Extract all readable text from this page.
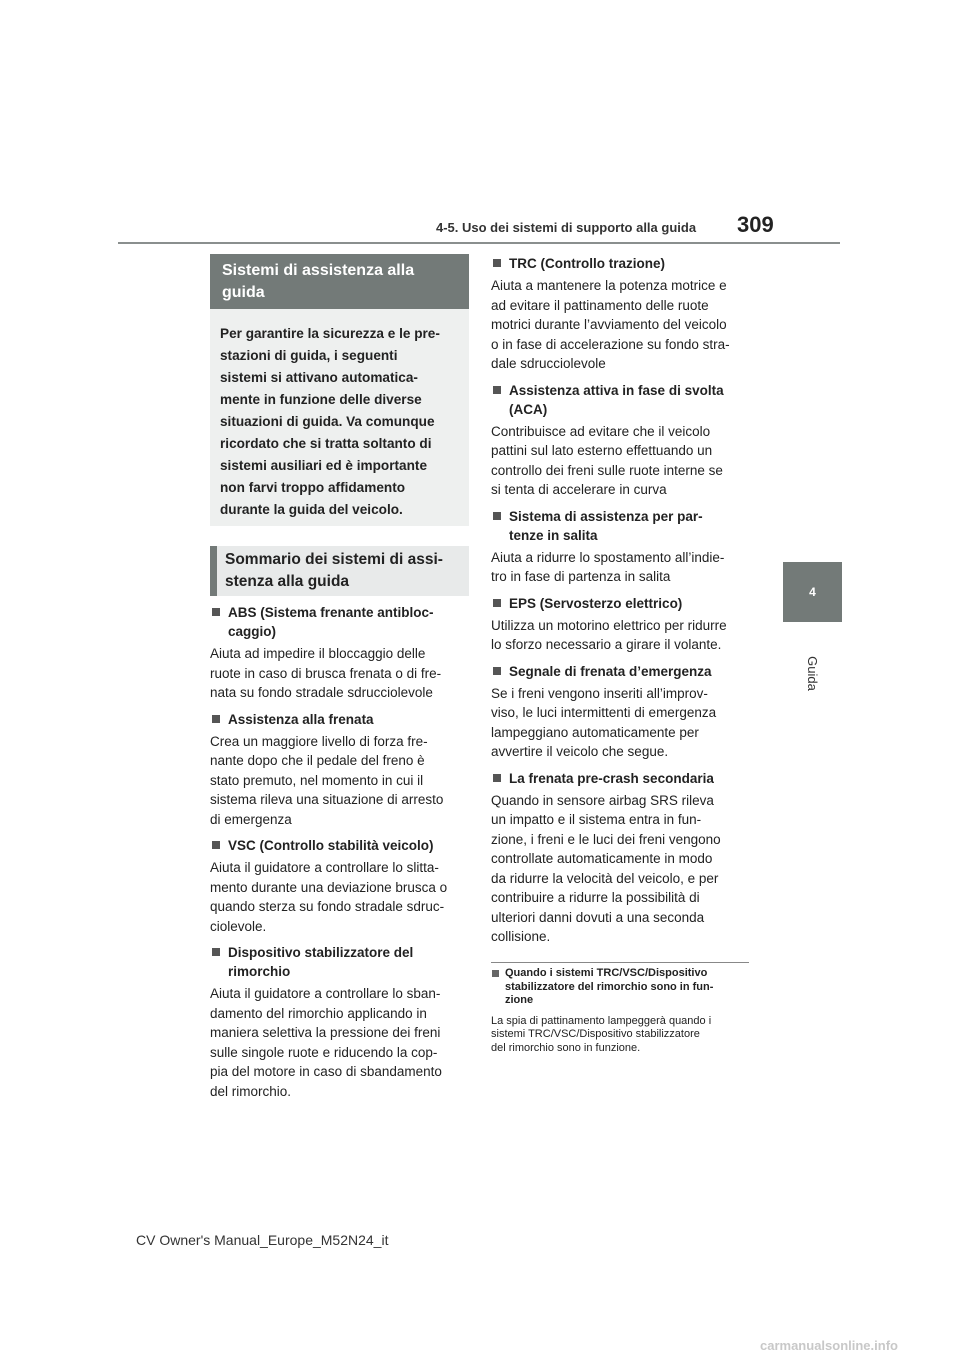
4-5. Uso dei sistemi di supporto alla guida 309
4
Guida
Sistemi di assistenza alla
guida

Per garantire la sicurezza e le pre-

stazioni di guida, i seguenti

sistemi si attivano automatica-

mente in funzione delle diverse

situazioni di guida. Va comunque

ricordato che si tratta soltanto di

sistemi ausiliari ed è importante

non farvi troppo affidamento

durante la guida del veicolo.

Sommario dei sistemi di assi-
stenza alla guida
ABS (Sistema frenante antibloc-
caggio)
Aiuta ad impedire il bloccaggio delle
ruote in caso di brusca frenata o di fre-
nata su fondo stradale sdrucciolevole
Assistenza alla frenata
Crea un maggiore livello di forza fre-
nante dopo che il pedale del freno è
stato premuto, nel momento in cui il
sistema rileva una situazione di arresto
di emergenza
VSC (Controllo stabilità veicolo)
Aiuta il guidatore a controllare lo slitta-
mento durante una deviazione brusca o
quando sterza su fondo stradale sdruc-
ciolevole.
Dispositivo stabilizzatore del
rimorchio
Aiuta il guidatore a controllare lo sban-
damento del rimorchio applicando in
maniera selettiva la pressione dei freni
sulle singole ruote e riducendo la cop-
pia del motore in caso di sbandamento
del rimorchio.
TRC (Controllo trazione)
Aiuta a mantenere la potenza motrice e
ad evitare il pattinamento delle ruote
motrici durante l’avviamento del veicolo
o in fase di accelerazione su fondo stra-
dale sdrucciolevole
Assistenza attiva in fase di svolta
(ACA)
Contribuisce ad evitare che il veicolo
pattini sul lato esterno effettuando un
controllo dei freni sulle ruote interne se
si tenta di accelerare in curva
Sistema di assistenza per par-
tenze in salita
Aiuta a ridurre lo spostamento all’indie-
tro in fase di partenza in salita
EPS (Servosterzo elettrico)
Utilizza un motorino elettrico per ridurre
lo sforzo necessario a girare il volante.
Segnale di frenata d’emergenza
Se i freni vengono inseriti all’improv-
viso, le luci intermittenti di emergenza
lampeggiano automaticamente per
avvertire il veicolo che segue.
La frenata pre-crash secondaria
Quando in sensore airbag SRS rileva
un impatto e il sistema entra in fun-
zione, i freni e le luci dei freni vengono
controllate automaticamente in modo
da ridurre la velocità del veicolo, e per
contribuire a ridurre la possibilità di
ulteriori danni dovuti a una seconda
collisione.
Quando i sistemi TRC/VSC/Dispositivo
stabilizzatore del rimorchio sono in fun-
zione
La spia di pattinamento lampeggerà quando i
sistemi TRC/VSC/Dispositivo stabilizzatore
del rimorchio sono in funzione.
CV Owner's Manual_Europe_M52N24_it
carmanualsonline.info
